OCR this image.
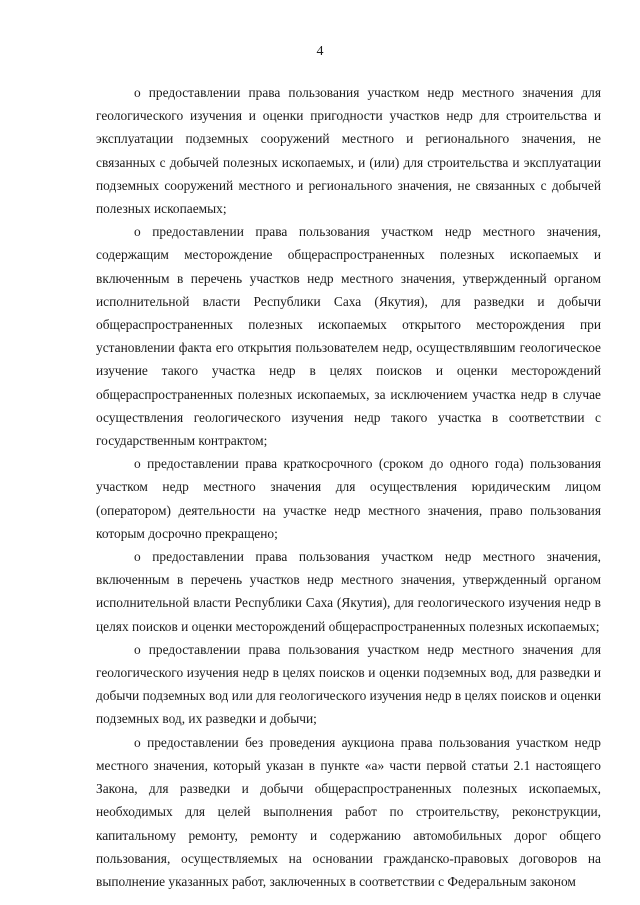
4

о предоставлении права пользования участком недр местного значения для геологического изучения и оценки пригодности участков недр для строительства и эксплуатации подземных сооружений местного и регионального значения, не связанных с добычей полезных ископаемых, и (или) для строительства и эксплуатации подземных сооружений местного и регионального значения, не связанных с добычей полезных ископаемых;

о предоставлении права пользования участком недр местного значения, содержащим месторождение общераспространенных полезных ископаемых и включенным в перечень участков недр местного значения, утвержденный органом исполнительной власти Республики Саха (Якутия), для разведки и добычи общераспространенных полезных ископаемых открытого месторождения при установлении факта его открытия пользователем недр, осуществлявшим геологическое изучение такого участка недр в целях поисков и оценки месторождений общераспространенных полезных ископаемых, за исключением участка недр в случае осуществления геологического изучения недр такого участка в соответствии с государственным контрактом;

о предоставлении права краткосрочного (сроком до одного года) пользования участком недр местного значения для осуществления юридическим лицом (оператором) деятельности на участке недр местного значения, право пользования которым досрочно прекращено;

о предоставлении права пользования участком недр местного значения, включенным в перечень участков недр местного значения, утвержденный органом исполнительной власти Республики Саха (Якутия), для геологического изучения недр в целях поисков и оценки месторождений общераспространенных полезных ископаемых;

о предоставлении права пользования участком недр местного значения для геологического изучения недр в целях поисков и оценки подземных вод, для разведки и добычи подземных вод или для геологического изучения недр в целях поисков и оценки подземных вод, их разведки и добычи;

о предоставлении без проведения аукциона права пользования участком недр местного значения, который указан в пункте «а» части первой статьи 2.1 настоящего Закона, для разведки и добычи общераспространенных полезных ископаемых, необходимых для целей выполнения работ по строительству, реконструкции, капитальному ремонту, ремонту и содержанию автомобильных дорог общего пользования, осуществляемых на основании гражданско-правовых договоров на выполнение указанных работ, заключенных в соответствии с Федеральным законом
